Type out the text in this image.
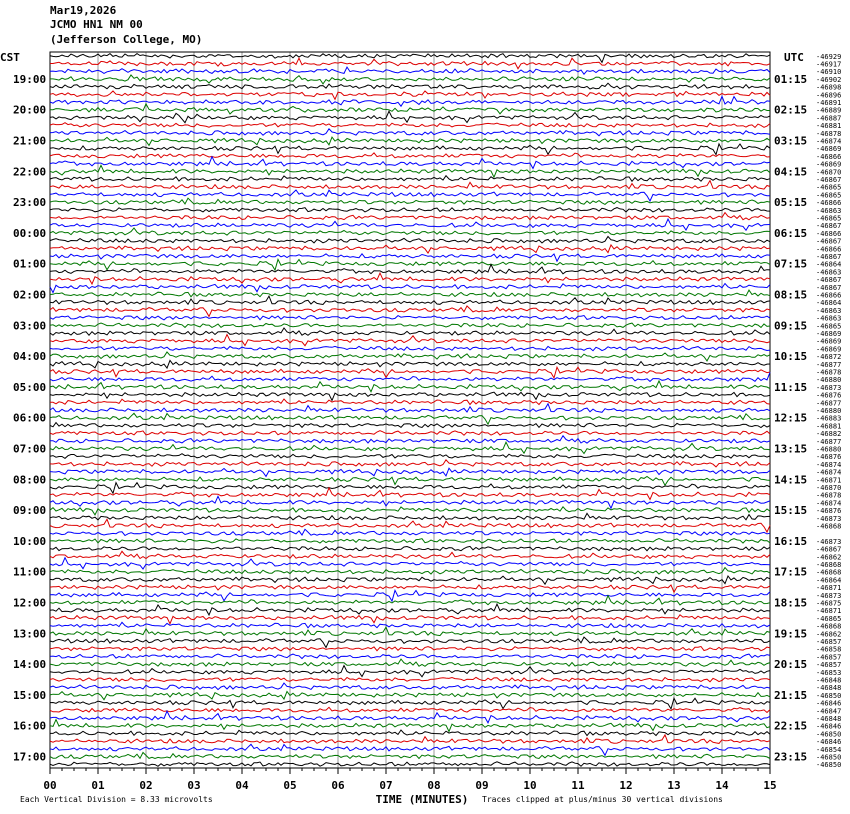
Mar19,2026
JCMO HN1 NM 00
(Jefferson College, MO)
-46929
-46917
-46910
-46902
-46898
-46896
-46891
-46889
-46887
-46881
-46878
-46874
-46869
-46866
-46869
-46870
-46867
-46865
-46865
-46866
-46863
-46865
-46867
-46866
-46867
-46866
-46867
-46864
-46863
-46867
-46867
-46866
-46864
-46863
-46863
-46865
-46869
-46869
-46869
-46872
-46877
-46878
-46880
-46873
-46876
-46877
-46880
-46883
-46881
-46882
-46877
-46880
-46876
-46874
-46874
-46871
-46870
-46878
-46874
-46876
-46873
-46868
-46873
-46867
-46862
-46868
-46868
-46864
-46871
-46873
-46875
-46871
-46865
-46868
-46862
-46857
-46858
-46857
-46857
-46853
-46848
-46848
-46850
-46846
-46847
-46848
-46846
-46850
-46846
-46854
-46850
-46850
CST	UTC
19:00
20:00
21:00
22:00
23:00
00:00
01:00
02:00
03:00
04:00
05:00
06:00
07:00
08:00
09:00
10:00
11:00
12:00
13:00
14:00
15:00
16:00
17:00
01:15
02:15
03:15
04:15
05:15
06:15
07:15
08:15
09:15
10:15
11:15
12:15
13:15
14:15
15:15
16:15
17:15
18:15
19:15
20:15
21:15
22:15
23:15
00	01	02	03	04	05	06	07	08	09	10	11	12	13	14	15
TIME (MINUTES)
Each Vertical Division = 8.33 microvolts	Traces clipped at plus/minus 30 vertical divisions
